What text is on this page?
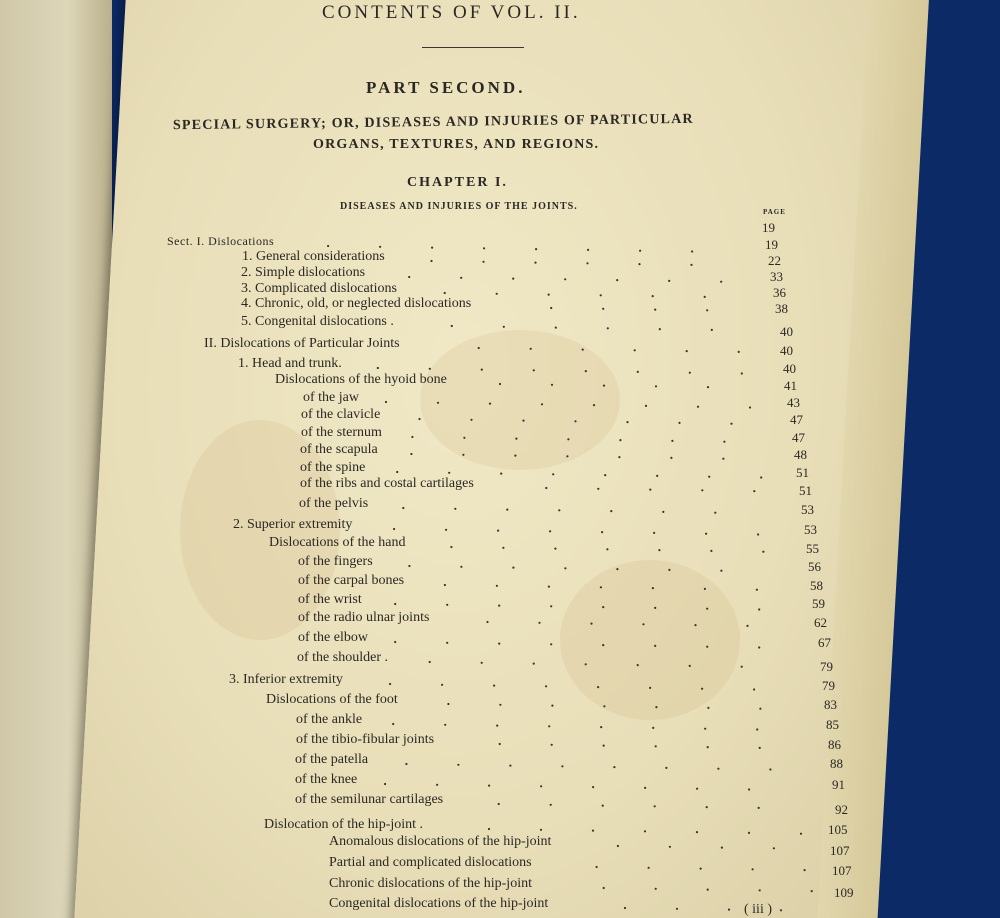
CONTENTS OF VOL. II.
PART SECOND.
SPECIAL SURGERY; OR, DISEASES AND INJURIES OF PARTICULAR
ORGANS, TEXTURES, AND REGIONS.
CHAPTER I.
DISEASES AND INJURIES OF THE JOINTS.	PAGE
Sect. I. Dislocations
1. General considerations
2. Simple dislocations
3. Complicated dislocations
4. Chronic, old, or neglected dislocations
5. Congenital dislocations .
II. Dislocations of Particular Joints
1. Head and trunk.
Dislocations of the hyoid bone
of the jaw
of the clavicle
of the sternum
of the scapula
of the spine
of the ribs and costal cartilages
of the pelvis
2. Superior extremity
Dislocations of the hand
of the fingers
of the carpal bones
of the wrist
of the radio ulnar joints
of the elbow
of the shoulder .
3. Inferior extremity
Dislocations of the foot
of the ankle
of the tibio-fibular joints
of the patella
of the knee
of the semilunar cartilages
Dislocation of the hip-joint .
Anomalous dislocations of the hip-joint
Partial and complicated dislocations
Chronic dislocations of the hip-joint
Congenital dislocations of the hip-joint
19
19
22
33
36
38
40
40
40
41
43
47
47
48
51
51
53
53
55
56
58
59
62
67
79
79
83
85
86
88
91
92
105
107
107
109
( iii )
